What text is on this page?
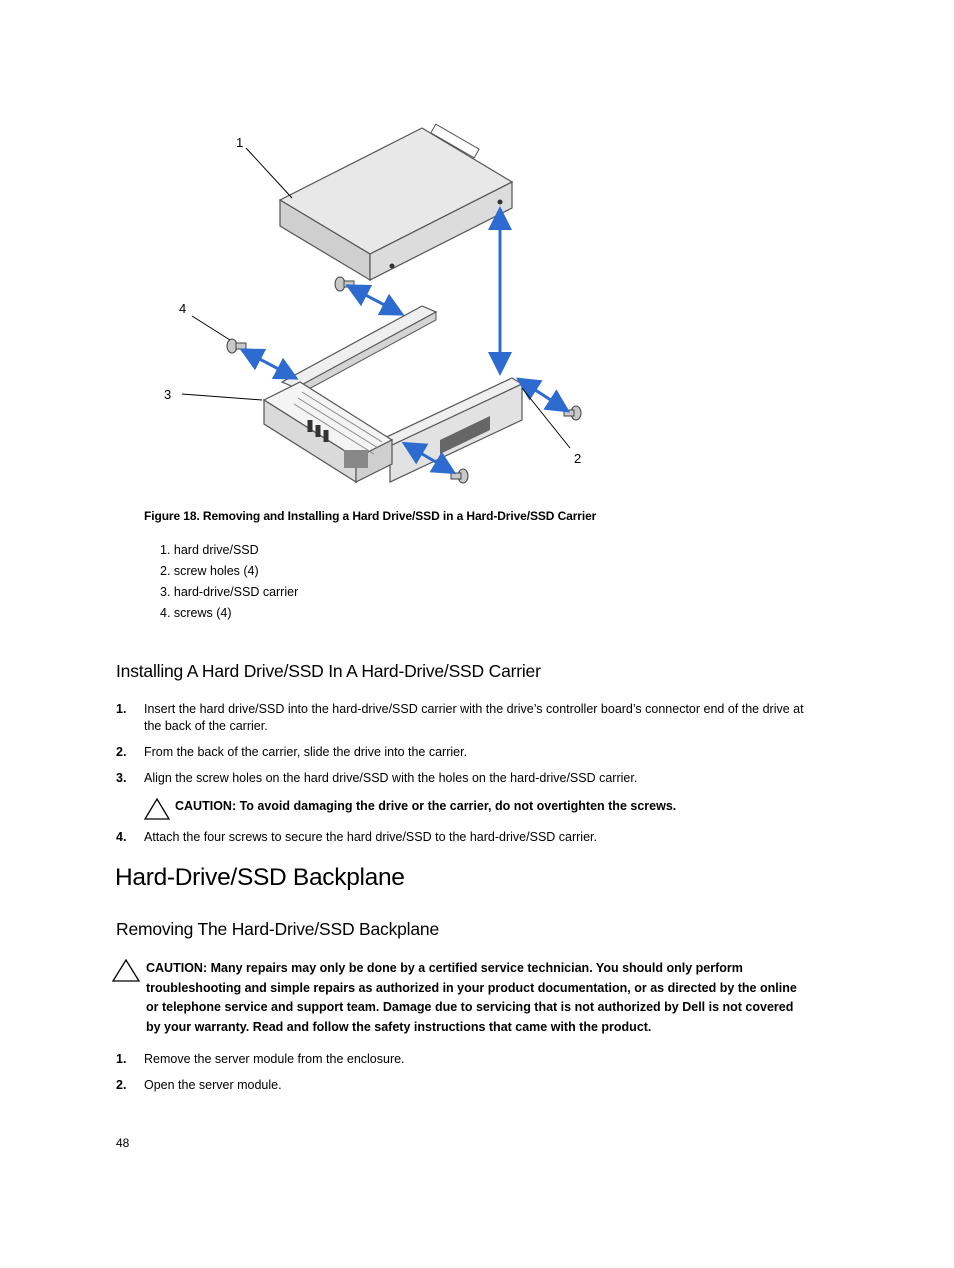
1
2
3
4
Figure 18. Removing and Installing a Hard Drive/SSD in a Hard-Drive/SSD Carrier
1. hard drive/SSD
2. screw holes (4)
3. hard-drive/SSD carrier
4. screws (4)
Installing A Hard Drive/SSD In A Hard-Drive/SSD Carrier
1. Insert the hard drive/SSD into the hard-drive/SSD carrier with the drive’s controller board’s connector end of the drive at the back of the carrier.
2. From the back of the carrier, slide the drive into the carrier.
3. Align the screw holes on the hard drive/SSD with the holes on the hard-drive/SSD carrier.
CAUTION: To avoid damaging the drive or the carrier, do not overtighten the screws.
4. Attach the four screws to secure the hard drive/SSD to the hard-drive/SSD carrier.
Hard-Drive/SSD Backplane
Removing The Hard-Drive/SSD Backplane
CAUTION: Many repairs may only be done by a certified service technician. You should only perform troubleshooting and simple repairs as authorized in your product documentation, or as directed by the online or telephone service and support team. Damage due to servicing that is not authorized by Dell is not covered by your warranty. Read and follow the safety instructions that came with the product.
1. Remove the server module from the enclosure.
2. Open the server module.
48
